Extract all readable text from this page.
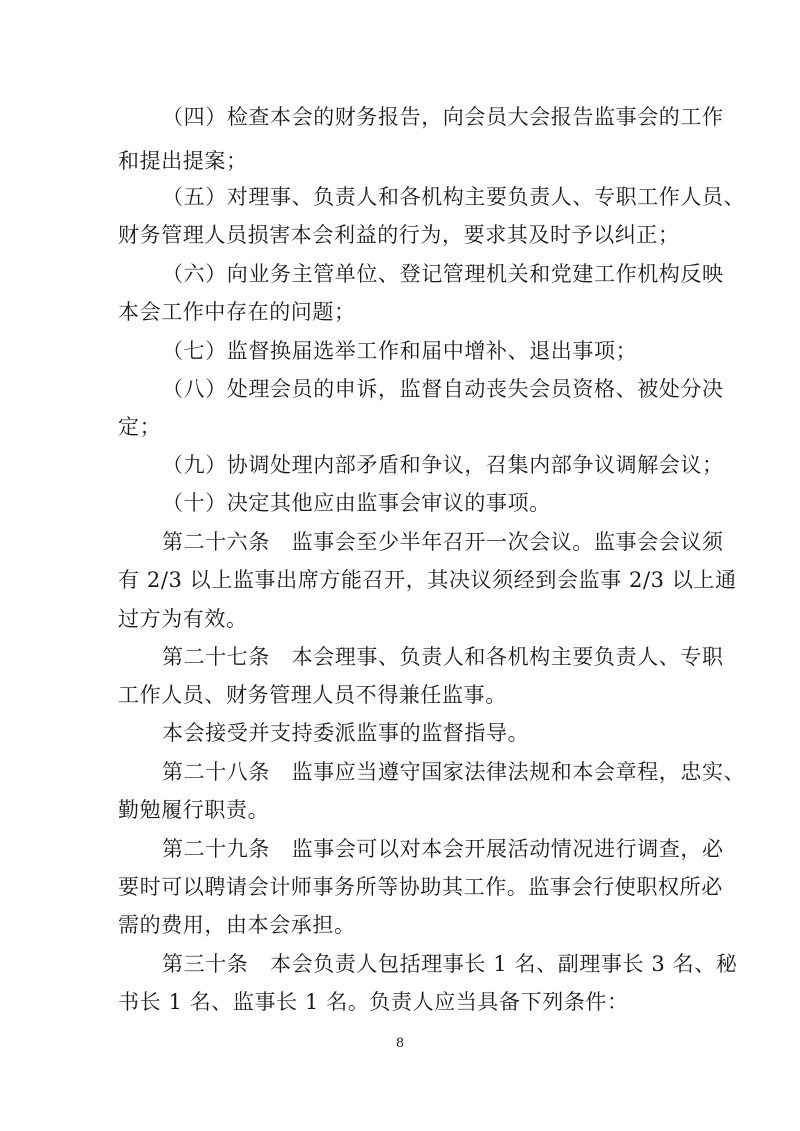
（四）检查本会的财务报告，向会员大会报告监事会的工作
和提出提案；
（五）对理事、负责人和各机构主要负责人、专职工作人员、
财务管理人员损害本会利益的行为，要求其及时予以纠正；
（六）向业务主管单位、登记管理机关和党建工作机构反映
本会工作中存在的问题；
（七）监督换届选举工作和届中增补、退出事项；
（八）处理会员的申诉，监督自动丧失会员资格、被处分决
定；
（九）协调处理内部矛盾和争议，召集内部争议调解会议；
（十）决定其他应由监事会审议的事项。
第二十六条　监事会至少半年召开一次会议。监事会会议须
有 2/3 以上监事出席方能召开，其决议须经到会监事 2/3 以上通
过方为有效。
第二十七条　本会理事、负责人和各机构主要负责人、专职
工作人员、财务管理人员不得兼任监事。
本会接受并支持委派监事的监督指导。
第二十八条　监事应当遵守国家法律法规和本会章程，忠实、
勤勉履行职责。
第二十九条　监事会可以对本会开展活动情况进行调查，必
要时可以聘请会计师事务所等协助其工作。监事会行使职权所必
需的费用，由本会承担。
第三十条　本会负责人包括理事长 1 名、副理事长 3 名、秘
书长 1 名、监事长 1 名。负责人应当具备下列条件：
8
